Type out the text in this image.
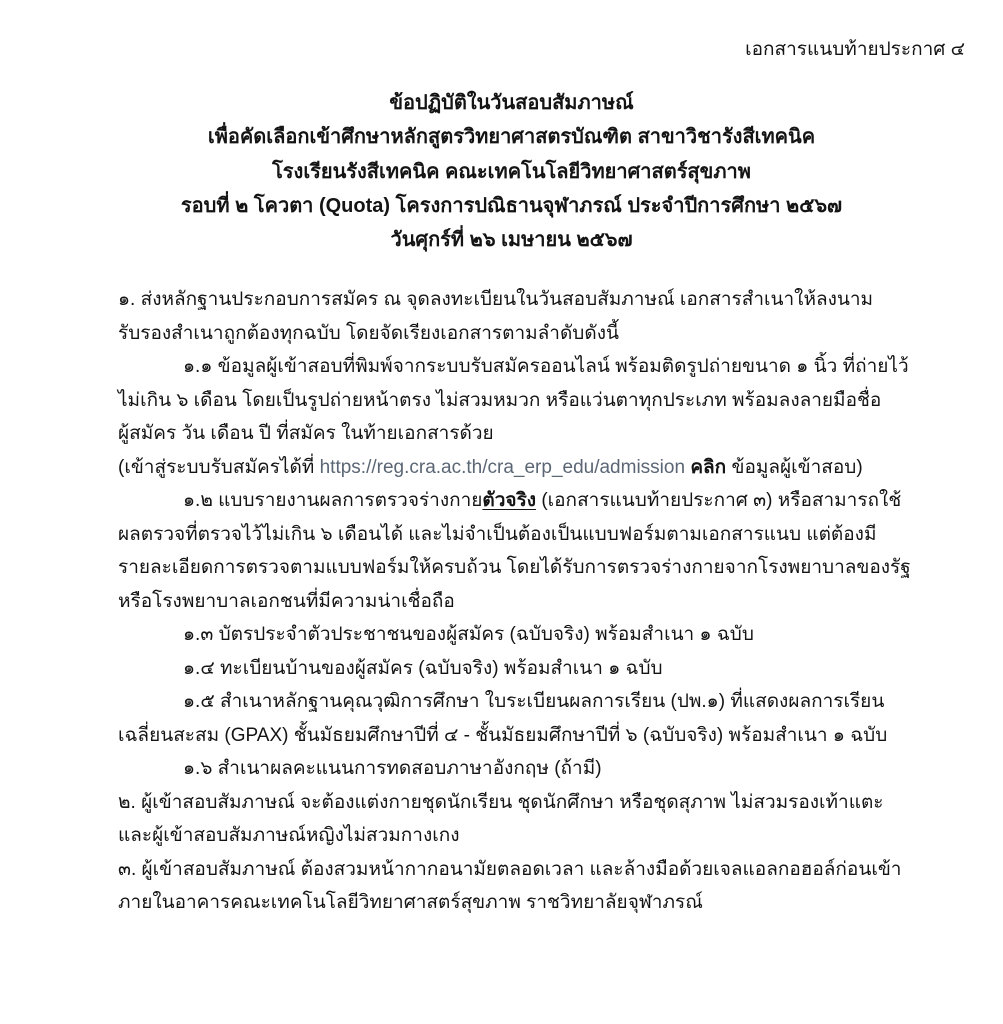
เอกสารแนบท้ายประกาศ ๔
ข้อปฏิบัติในวันสอบสัมภาษณ์
เพื่อคัดเลือกเข้าศึกษาหลักสูตรวิทยาศาสตรบัณฑิต สาขาวิชารังสีเทคนิค
โรงเรียนรังสีเทคนิค คณะเทคโนโลยีวิทยาศาสตร์สุขภาพ
รอบที่ ๒ โควตา (Quota) โครงการปณิธานจุฬาภรณ์ ประจำปีการศึกษา ๒๕๖๗
วันศุกร์ที่ ๒๖ เมษายน ๒๕๖๗
๑. ส่งหลักฐานประกอบการสมัคร ณ จุดลงทะเบียนในวันสอบสัมภาษณ์ เอกสารสำเนาให้ลงนาม
รับรองสำเนาถูกต้องทุกฉบับ โดยจัดเรียงเอกสารตามลำดับดังนี้
๑.๑ ข้อมูลผู้เข้าสอบที่พิมพ์จากระบบรับสมัครออนไลน์ พร้อมติดรูปถ่ายขนาด ๑ นิ้ว ที่ถ่ายไว้
ไม่เกิน ๖ เดือน โดยเป็นรูปถ่ายหน้าตรง ไม่สวมหมวก หรือแว่นตาทุกประเภท พร้อมลงลายมือชื่อ
ผู้สมัคร วัน เดือน ปี ที่สมัคร ในท้ายเอกสารด้วย
(เข้าสู่ระบบรับสมัครได้ที่ https://reg.cra.ac.th/cra_erp_edu/admission คลิก ข้อมูลผู้เข้าสอบ)
๑.๒ แบบรายงานผลการตรวจร่างกายตัวจริง (เอกสารแนบท้ายประกาศ ๓) หรือสามารถใช้
ผลตรวจที่ตรวจไว้ไม่เกิน ๖ เดือนได้ และไม่จำเป็นต้องเป็นแบบฟอร์มตามเอกสารแนบ แต่ต้องมี
รายละเอียดการตรวจตามแบบฟอร์มให้ครบถ้วน โดยได้รับการตรวจร่างกายจากโรงพยาบาลของรัฐ
หรือโรงพยาบาลเอกชนที่มีความน่าเชื่อถือ
๑.๓ บัตรประจำตัวประชาชนของผู้สมัคร (ฉบับจริง) พร้อมสำเนา ๑ ฉบับ
๑.๔ ทะเบียนบ้านของผู้สมัคร (ฉบับจริง) พร้อมสำเนา ๑ ฉบับ
๑.๕ สำเนาหลักฐานคุณวุฒิการศึกษา ใบระเบียนผลการเรียน (ปพ.๑) ที่แสดงผลการเรียน
เฉลี่ยนสะสม (GPAX) ชั้นมัธยมศึกษาปีที่ ๔ - ชั้นมัธยมศึกษาปีที่ ๖ (ฉบับจริง) พร้อมสำเนา ๑ ฉบับ
๑.๖ สำเนาผลคะแนนการทดสอบภาษาอังกฤษ (ถ้ามี)
๒. ผู้เข้าสอบสัมภาษณ์ จะต้องแต่งกายชุดนักเรียน ชุดนักศึกษา หรือชุดสุภาพ ไม่สวมรองเท้าแตะ
และผู้เข้าสอบสัมภาษณ์หญิงไม่สวมกางเกง
๓. ผู้เข้าสอบสัมภาษณ์ ต้องสวมหน้ากากอนามัยตลอดเวลา และล้างมือด้วยเจลแอลกอฮอล์ก่อนเข้า
ภายในอาคารคณะเทคโนโลยีวิทยาศาสตร์สุขภาพ ราชวิทยาลัยจุฬาภรณ์
